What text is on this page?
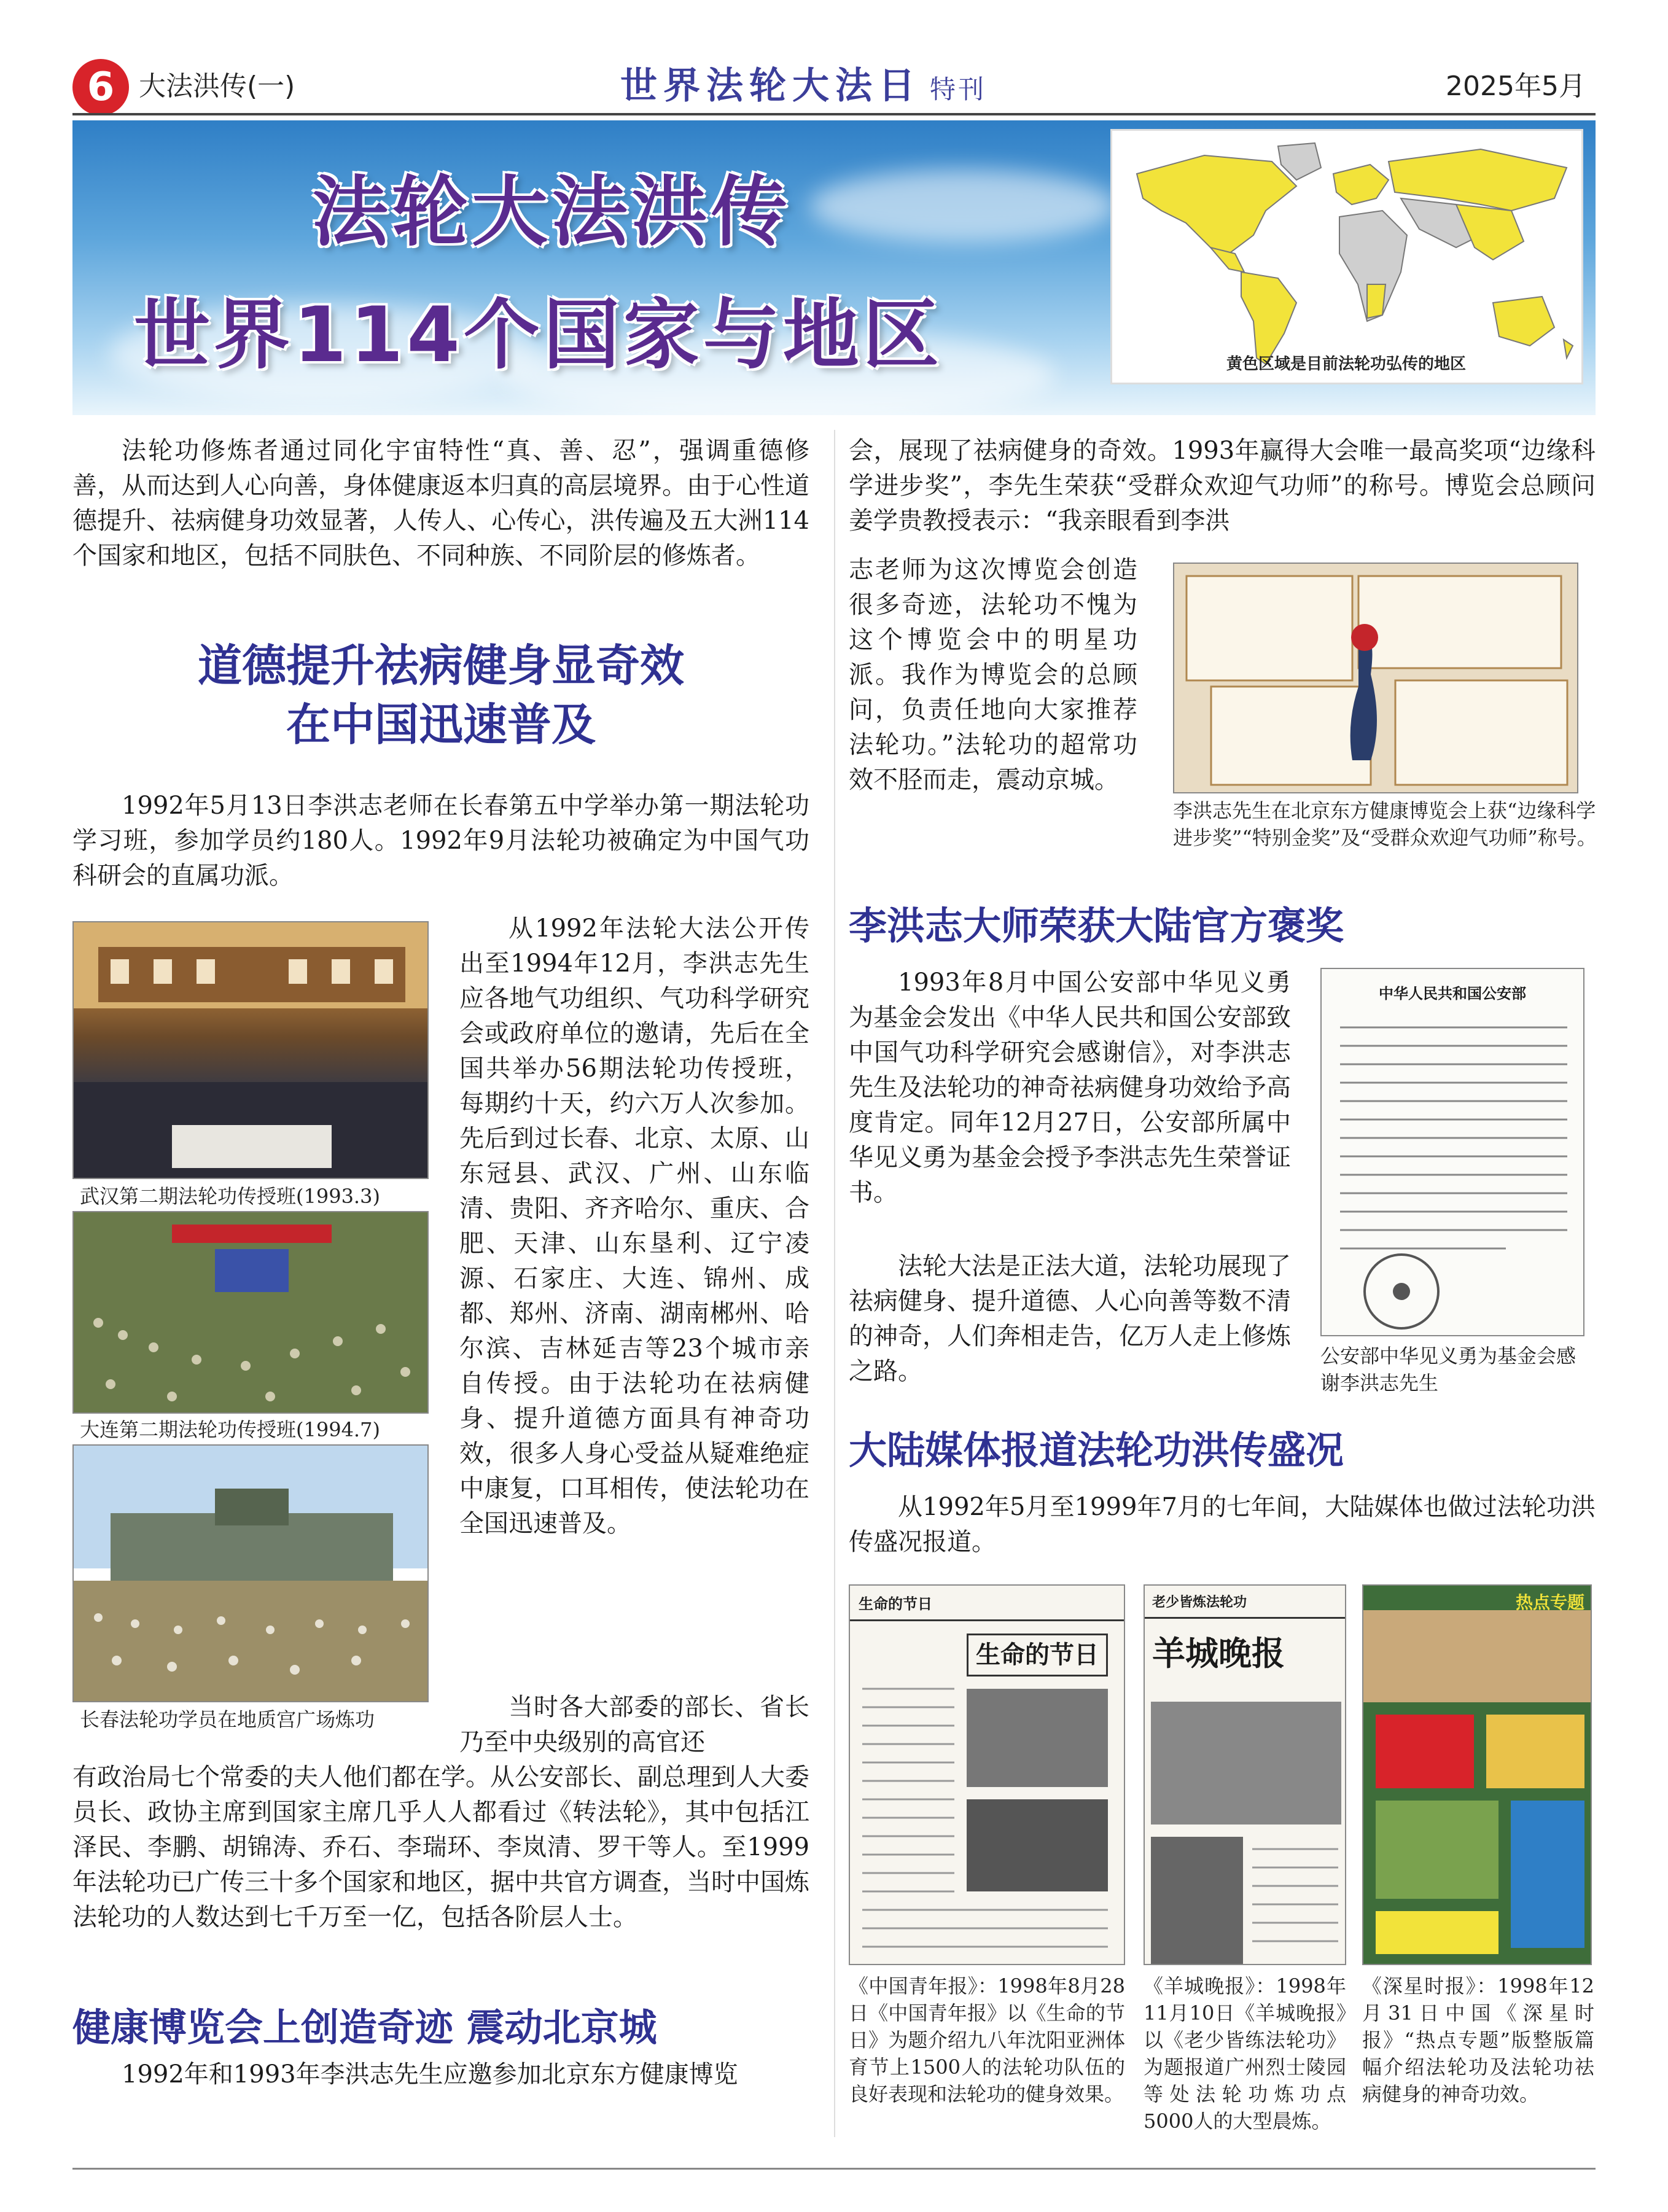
6 大法洪传(一)	世界法轮大法日 特刊	2025年5月
法轮大法洪传
世界114个国家与地区	黄色区域是目前法轮功弘传的地区

法轮功修炼者通过同化宇宙特性“真、善、忍”，强调重德修善，从而达到人心向善，身体健康返本归真的高层境界。由于心性道德提升、祛病健身功效显著，人传人、心传心，洪传遍及五大洲114个国家和地区，包括不同肤色、不同种族、不同阶层的修炼者。

道德提升祛病健身显奇效
在中国迅速普及

1992年5月13日李洪志老师在长春第五中学举办第一期法轮功学习班，参加学员约180人。1992年9月法轮功被确定为中国气功科研会的直属功派。

武汉第二期法轮功传授班(1993.3)
大连第二期法轮功传授班(1994.7)
长春法轮功学员在地质宫广场炼功

从1992年法轮大法公开传出至1994年12月，李洪志先生应各地气功组织、气功科学研究会或政府单位的邀请，先后在全国共举办56期法轮功传授班，每期约十天，约六万人次参加。先后到过长春、北京、太原、山东冠县、武汉、广州、山东临清、贵阳、齐齐哈尔、重庆、合肥、天津、山东垦利、辽宁凌源、石家庄、大连、锦州、成都、郑州、济南、湖南郴州、哈尔滨、吉林延吉等23个城市亲自传授。由于法轮功在祛病健身、提升道德方面具有神奇功效，很多人身心受益从疑难绝症中康复，口耳相传，使法轮功在全国迅速普及。

当时各大部委的部长、省长乃至中央级别的高官还

有政治局七个常委的夫人他们都在学。从公安部长、副总理到人大委员长、政协主席到国家主席几乎人人都看过《转法轮》，其中包括江泽民、李鹏、胡锦涛、乔石、李瑞环、李岚清、罗干等人。至1999年法轮功已广传三十多个国家和地区，据中共官方调查，当时中国炼法轮功的人数达到七千万至一亿，包括各阶层人士。
健康博览会上创造奇迹 震动北京城

1992年和1993年李洪志先生应邀参加北京东方健康博览

会，展现了祛病健身的奇效。1993年赢得大会唯一最高奖项“边缘科学进步奖”，李先生荣获“受群众欢迎气功师”的称号。博览会总顾问姜学贵教授表示：“我亲眼看到李洪
志老师为这次博览会创造很多奇迹，法轮功不愧为这个博览会中的明星功派。我作为博览会的总顾问，负责任地向大家推荐法轮功。”法轮功的超常功效不胫而走，震动京城。
李洪志先生在北京东方健康博览会上获“边缘科学进步奖”“特别金奖”及“受群众欢迎气功师”称号。
李洪志大师荣获大陆官方褒奖

1993年8月中国公安部中华见义勇为基金会发出《中华人民共和国公安部致中国气功科学研究会感谢信》，对李洪志先生及法轮功的神奇祛病健身功效给予高度肯定。同年12月27日，公安部所属中华见义勇为基金会授予李洪志先生荣誉证书。

法轮大法是正法大道，法轮功展现了祛病健身、提升道德、人心向善等数不清的神奇，人们奔相走告，亿万人走上修炼之路。

中华人民共和国公安部
公安部中华见义勇为基金会感谢李洪志先生
大陆媒体报道法轮功洪传盛况

从1992年5月至1999年7月的七年间，大陆媒体也做过法轮功洪传盛况报道。

生命的节日
生命的节日
老少皆炼法轮功
羊城晚报
热点专题
《中国青年报》：1998年8月28日《中国青年报》以《生命的节日》为题介绍九八年沈阳亚洲体育节上1500人的法轮功队伍的良好表现和法轮功的健身效果。
《羊城晚报》：1998年11月10日《羊城晚报》以《老少皆练法轮功》为题报道广州烈士陵园等处法轮功炼功点5000人的大型晨炼。
《深星时报》：1998年12月31日中国《深星时报》“热点专题”版整版篇幅介绍法轮功及法轮功祛病健身的神奇功效。
